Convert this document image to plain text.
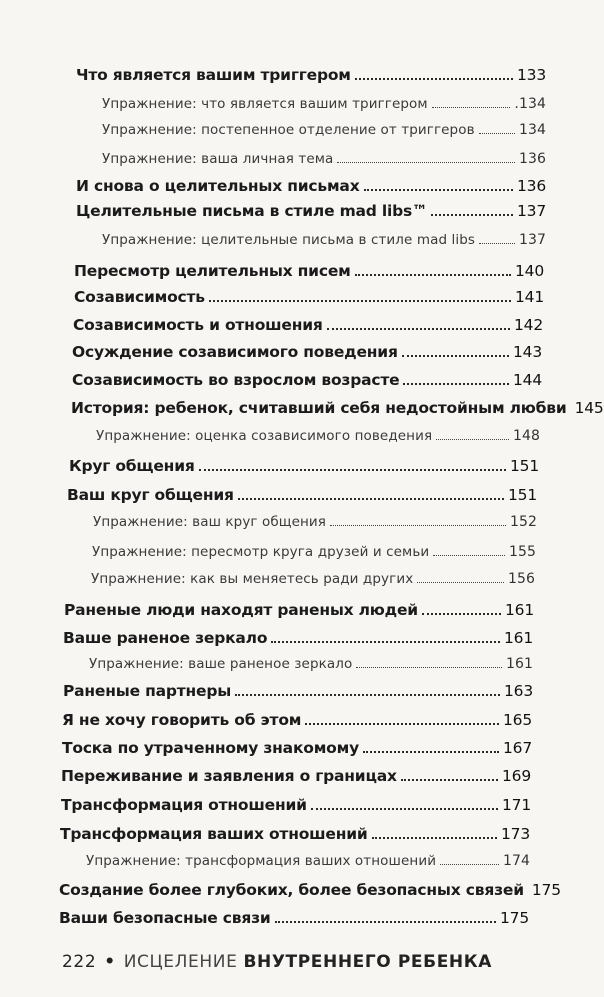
Что является вашим триггером	133
Упражнение: что является вашим триггером	.134
Упражнение: постепенное отделение от триггеров	134
Упражнение: ваша личная тема	136
И снова о целительных письмах	136
Целительные письма в стиле mad libs™	137
Упражнение: целительные письма в стиле mad libs	137
Пересмотр целительных писем	140
Созависимость	141
Созависимость и отношения	142
Осуждение созависимого поведения	143
Созависимость во взрослом возрасте	144
История: ребенок, считавший себя недостойным любви 145
Упражнение: оценка созависимого поведения	148
Круг общения	151
Ваш круг общения	151
Упражнение: ваш круг общения	152
Упражнение: пересмотр круга друзей и семьи	155
Упражнение: как вы меняетесь ради других	156
Раненые люди находят раненых людей	161
Ваше раненое зеркало	161
Упражнение: ваше раненое зеркало	161
Раненые партнеры	163
Я не хочу говорить об этом	165
Тоска по утраченному знакомому	167
Переживание и заявления о границах	169
Трансформация отношений	171
Трансформация ваших отношений	173
Упражнение: трансформация ваших отношений	174
Создание более глубоких, более безопасных связей 175
Ваши безопасные связи	175
222 • ИСЦЕЛЕНИЕ ВНУТРЕННЕГО РЕБЕНКА
